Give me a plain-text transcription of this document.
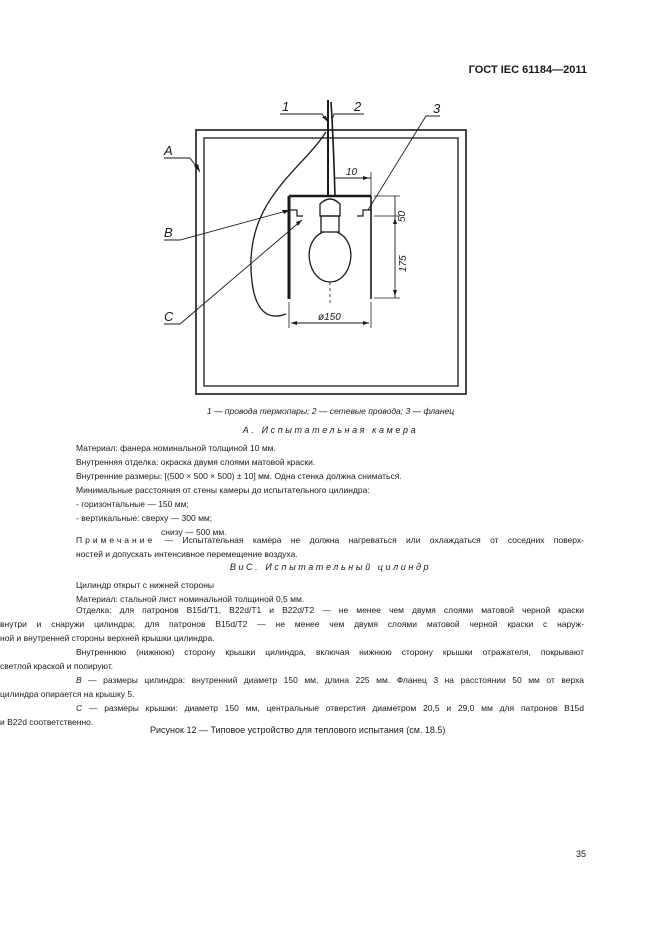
ГОСТ IEC 61184—2011
1	2	3
A
B
C
10
50
175
ø150
1 — провода термопары; 2 — сетевые провода; 3 — фланец
А. Испытательная камера
Материал: фанера номинальной толщиной 10 мм.
Внутренняя отделка: окраска двумя слоями матовой краски.
Внутренние размеры: [(500 × 500 × 500) ± 10] мм. Одна стенка должна сниматься.
Минимальные расстояния от стены камеры до испытательного цилиндра:
- горизонтальные — 150 мм;
- вертикальные: сверху — 300 мм;
снизу — 500 мм.
Примечание — Испытательная камера не должна нагреваться или охлаждаться от соседних поверх-
ностей и допускать интенсивное перемещение воздуха.
ВиС. Испытательный цилиндр
Цилиндр открыт с нижней стороны
Материал: стальной лист номинальной толщиной 0,5 мм.
Отделка: для патронов B15d/T1, B22d/T1 и B22d/T2 — не менее чем двумя слоями матовой черной краски
внутри и снаружи цилиндра; для патронов B15d/T2 — не менее чем двумя слоями матовой черной краски с наруж-
ной и внутренней стороны верхней крышки цилиндра.
Внутреннюю (нижнюю) сторону крышки цилиндра, включая нижнюю сторону крышки отражателя, покрывают
светлой краской и полируют.
В — размеры цилиндра: внутренний диаметр 150 мм, длина 225 мм. Фланец 3 на расстоянии 50 мм от верха
цилиндра опирается на крышку 5.
С — размеры крышки: диаметр 150 мм, центральные отверстия диаметром 20,5 и 29,0 мм для патронов B15d
и B22d соответственно.
Рисунок 12 — Типовое устройство для теплового испытания (см. 18.5)
35
